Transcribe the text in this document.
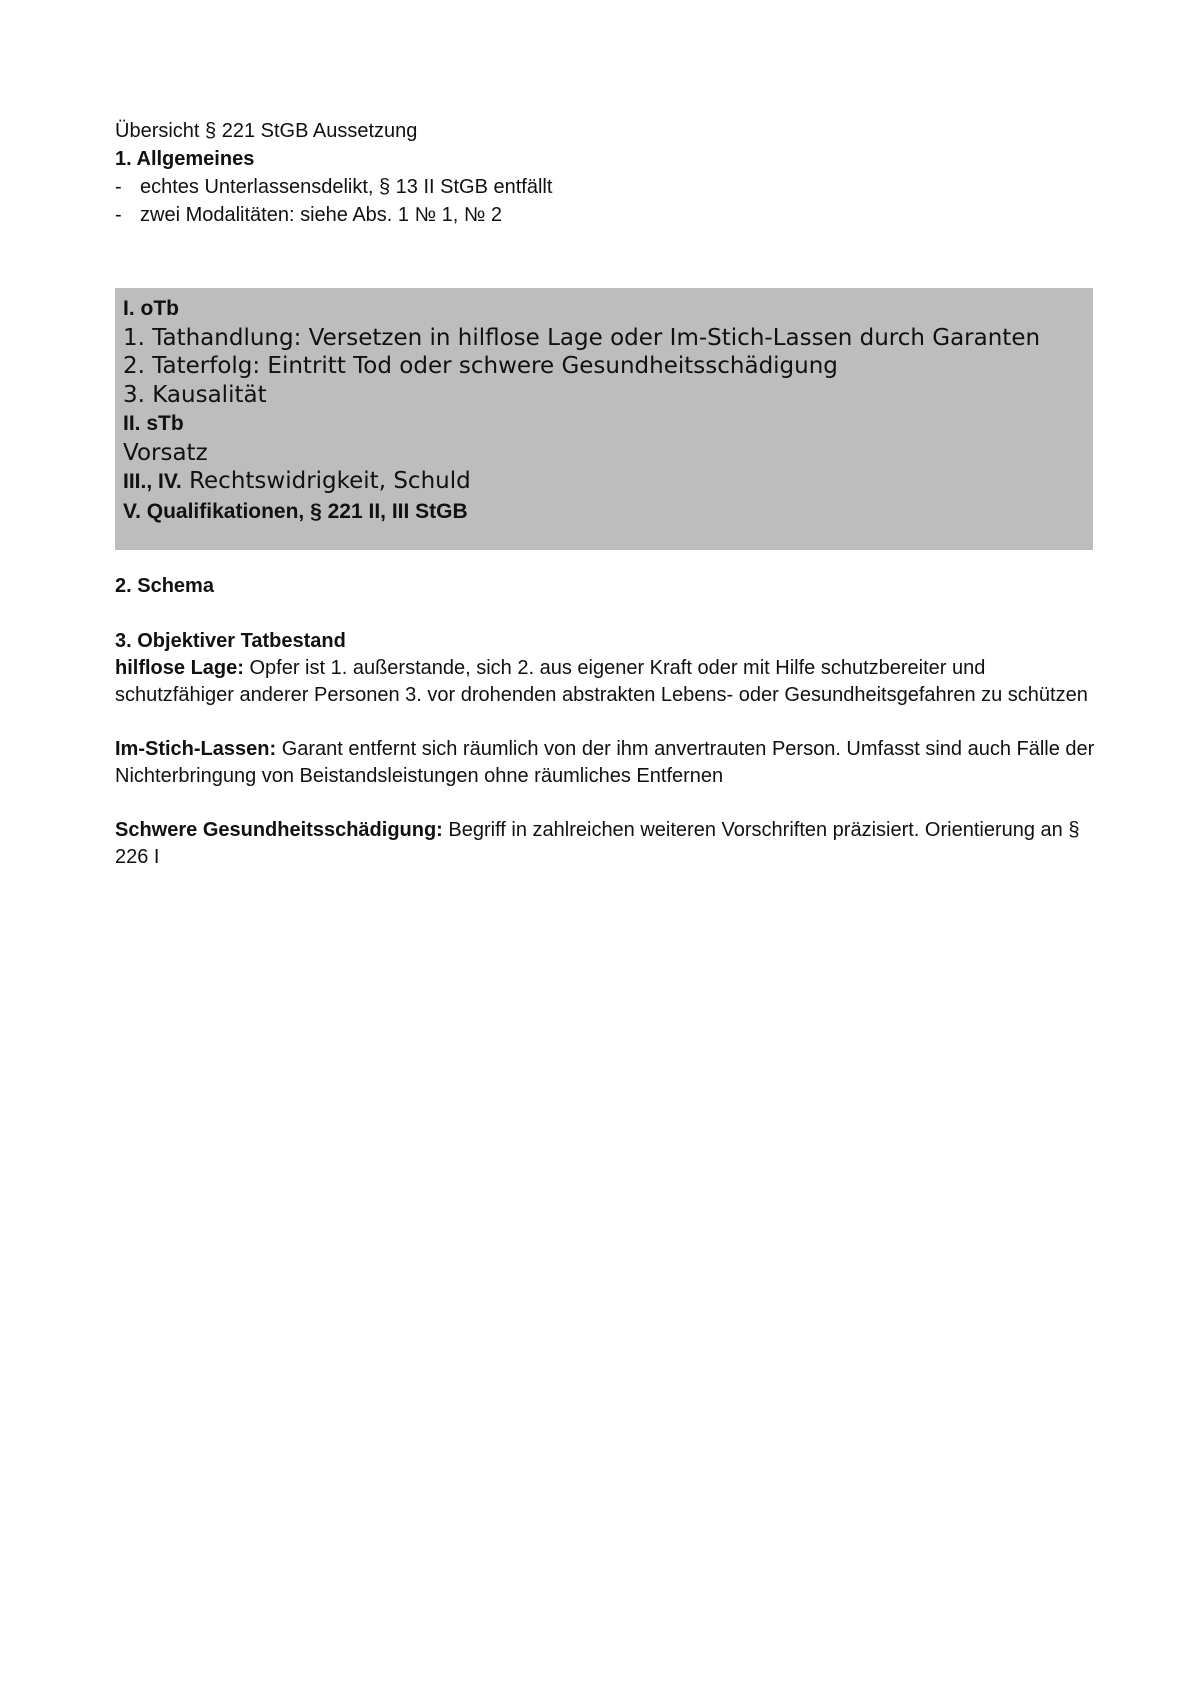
Übersicht § 221 StGB Aussetzung
1. Allgemeines
- echtes Unterlassensdelikt, § 13 II StGB entfällt
- zwei Modalitäten: siehe Abs. 1 № 1, № 2
I. oTb
1. Tathandlung: Versetzen in hilflose Lage oder Im-Stich-Lassen durch Garanten
2. Taterfolg: Eintritt Tod oder schwere Gesundheitsschädigung
3. Kausalität
II. sTb
Vorsatz
III., IV. Rechtswidrigkeit, Schuld
V. Qualifikationen, § 221 II, III StGB
2. Schema
3. Objektiver Tatbestand
hilflose Lage: Opfer ist 1. außerstande, sich 2. aus eigener Kraft oder mit Hilfe schutzbereiter und schutzfähiger anderer Personen 3. vor drohenden abstrakten Lebens- oder Gesundheitsgefahren zu schützen
Im-Stich-Lassen: Garant entfernt sich räumlich von der ihm anvertrauten Person. Umfasst sind auch Fälle der Nichterbringung von Beistandsleistungen ohne räumliches Entfernen
Schwere Gesundheitsschädigung: Begriff in zahlreichen weiteren Vorschriften präzisiert. Orientierung an § 226 I
